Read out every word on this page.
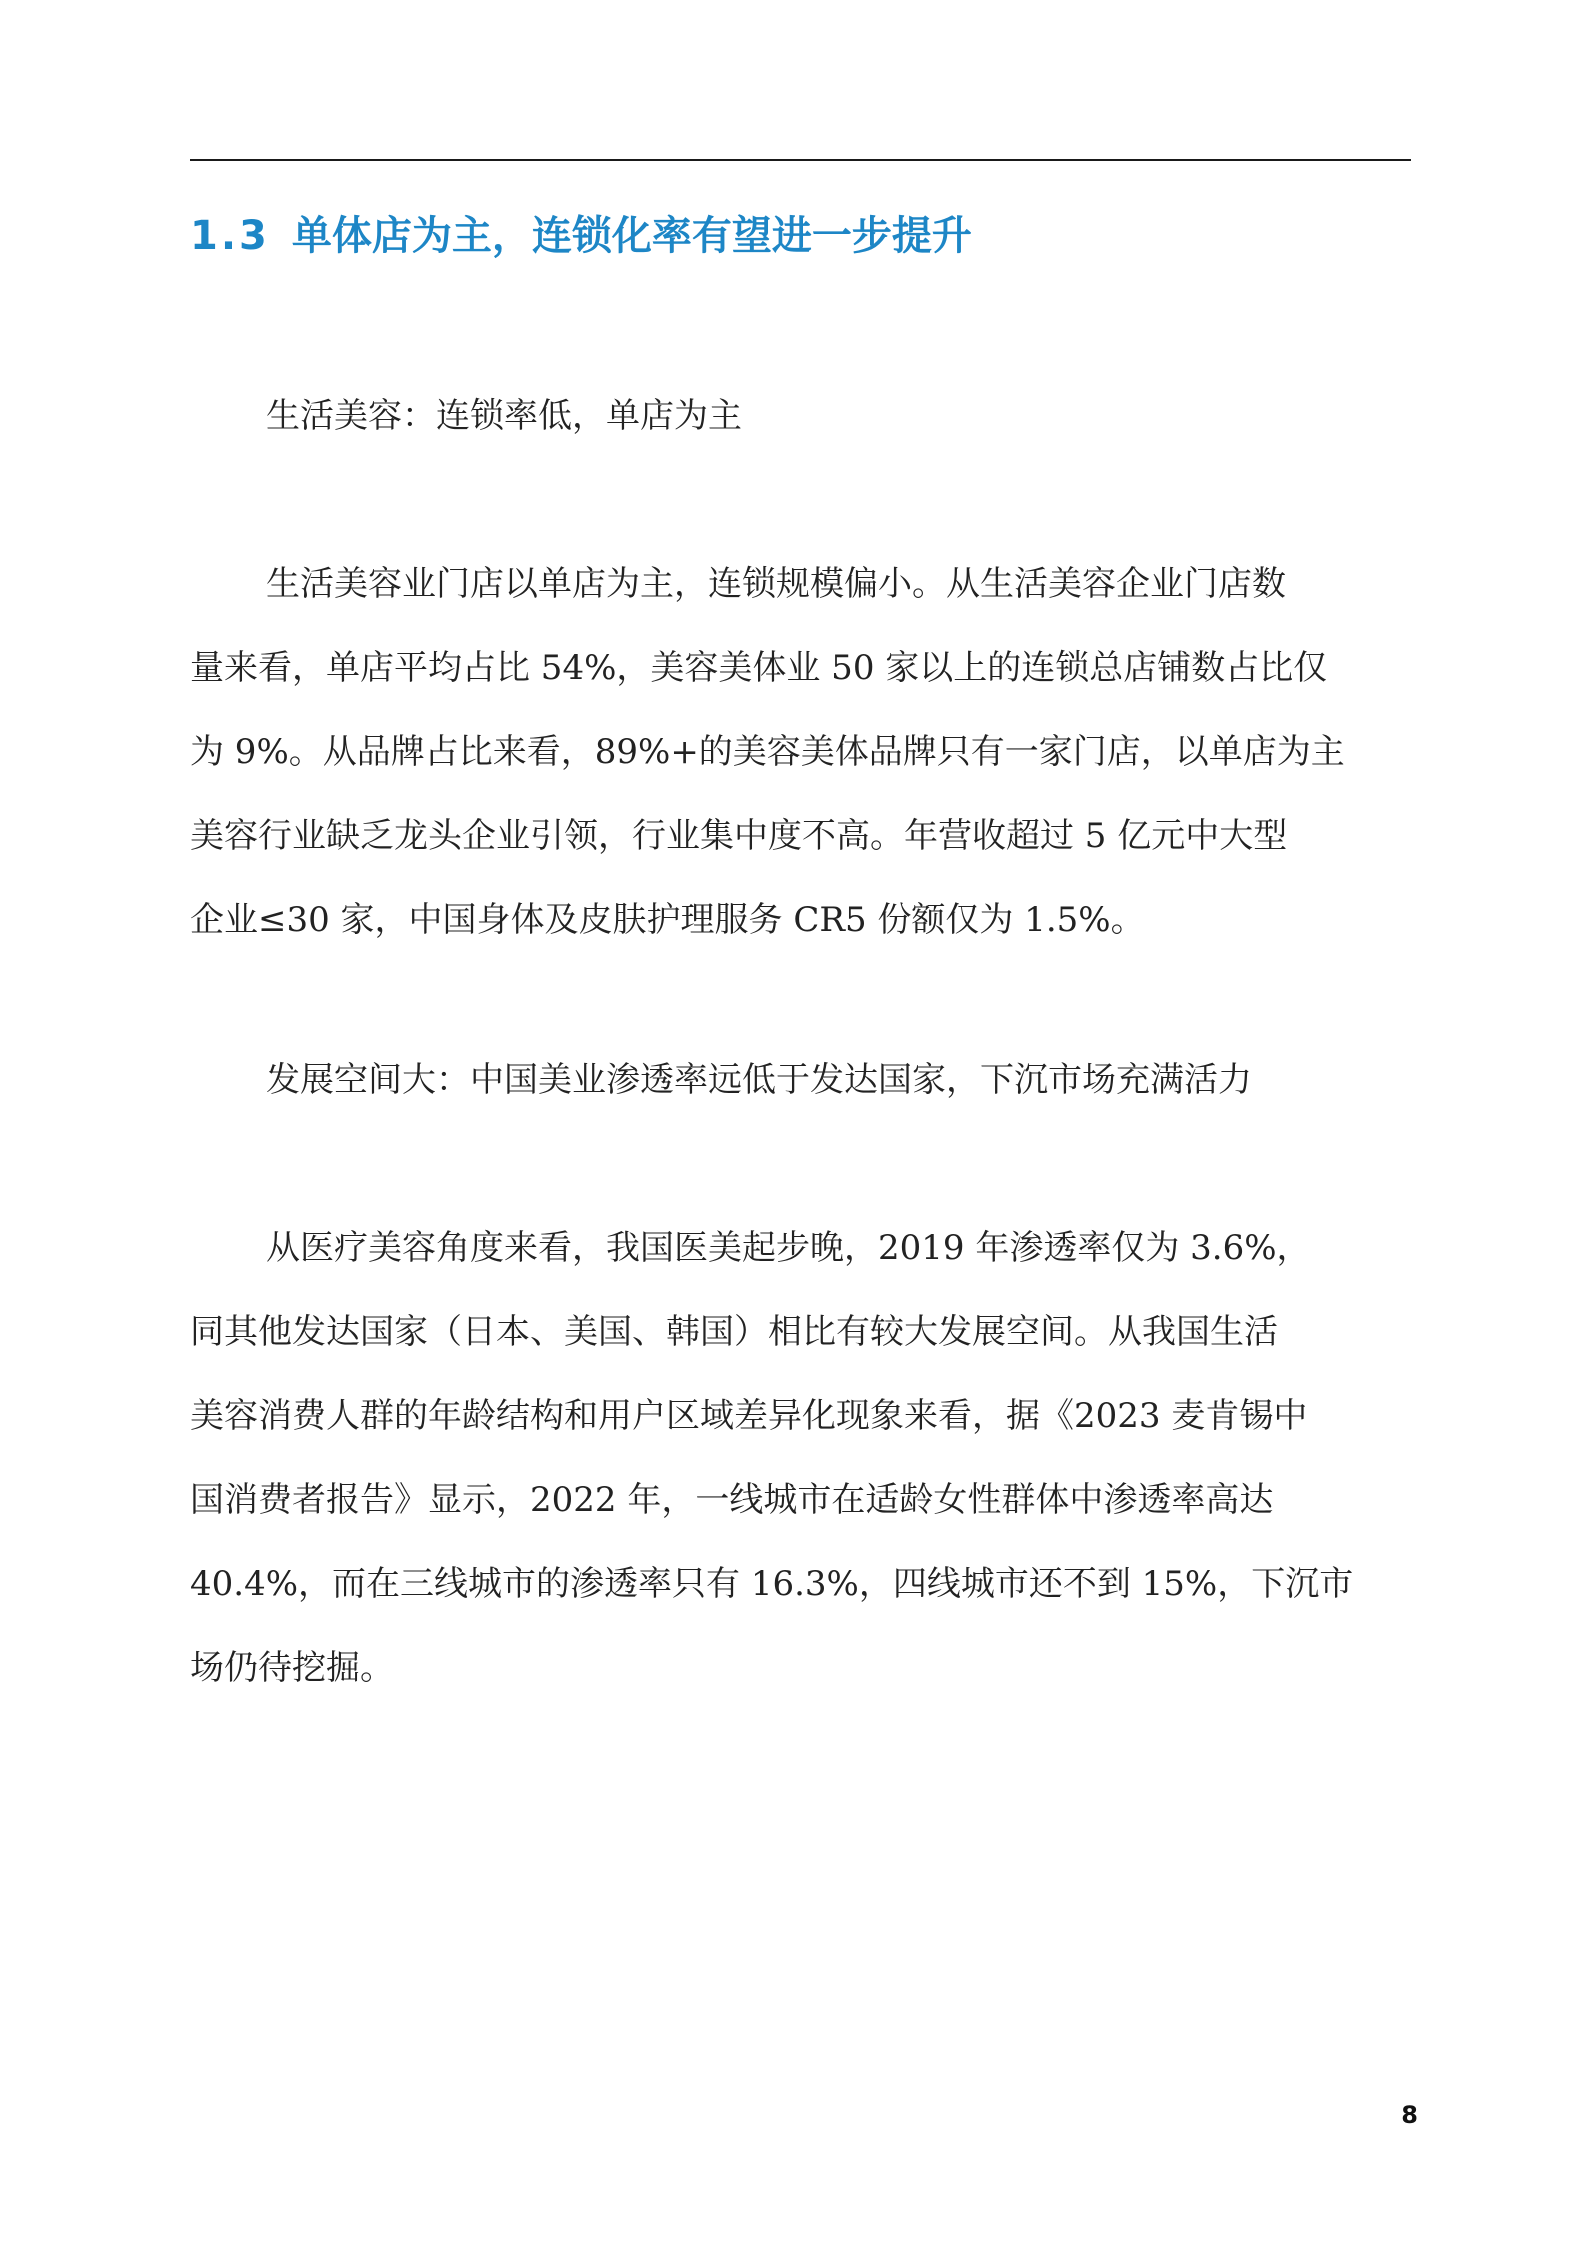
1.3 单体店为主，连锁化率有望进一步提升

生活美容：连锁率低，单店为主

生活美容业门店以单店为主，连锁规模偏小。从生活美容企业门店数
量来看，单店平均占比 54%，美容美体业 50 家以上的连锁总店铺数占比仅
为 9%。从品牌占比来看，89%+的美容美体品牌只有一家门店，以单店为主
美容行业缺乏龙头企业引领，行业集中度不高。年营收超过 5 亿元中大型
企业≤30 家，中国身体及皮肤护理服务 CR5 份额仅为 1.5%。

发展空间大：中国美业渗透率远低于发达国家，下沉市场充满活力

从医疗美容角度来看，我国医美起步晚，2019 年渗透率仅为 3.6%，
同其他发达国家（日本、美国、韩国）相比有较大发展空间。从我国生活
美容消费人群的年龄结构和用户区域差异化现象来看，据《2023 麦肯锡中
国消费者报告》显示，2022 年，一线城市在适龄女性群体中渗透率高达
40.4%，而在三线城市的渗透率只有 16.3%，四线城市还不到 15%，下沉市
场仍待挖掘。
8
